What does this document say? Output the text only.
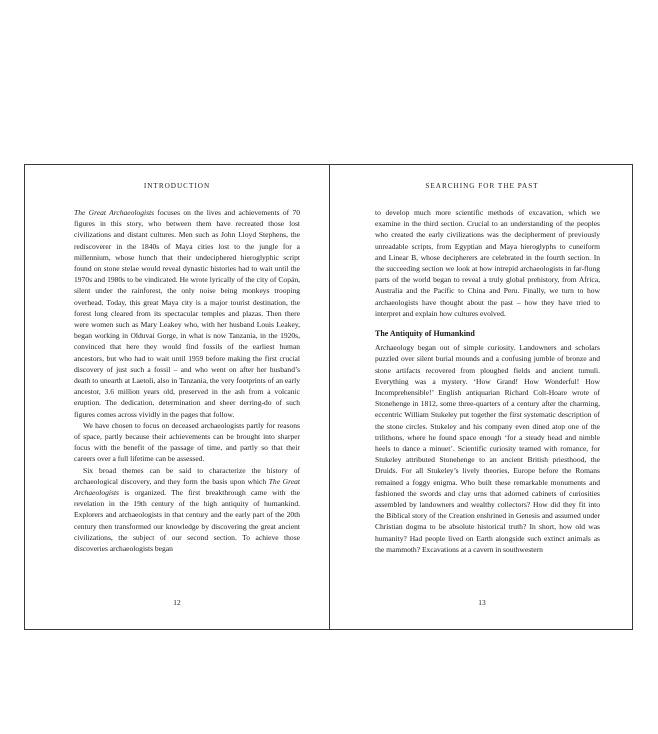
INTRODUCTION

The Great Archaeologists focuses on the lives and achievements of 70 figures in this story, who between them have recreated those lost civilizations and distant cultures. Men such as John Lloyd Stephens, the rediscoverer in the 1840s of Maya cities lost to the jungle for a millennium, whose hunch that their undeciphered hieroglyphic script found on stone stelae would reveal dynastic histories had to wait until the 1970s and 1980s to be vindicated. He wrote lyrically of the city of Copán, silent under the rainforest, the only noise being monkeys trooping overhead. Today, this great Maya city is a major tourist destination, the forest long cleared from its spectacular temples and plazas. Then there were women such as Mary Leakey who, with her husband Louis Leakey, began working in Olduvai Gorge, in what is now Tanzania, in the 1920s, convinced that here they would find fossils of the earliest human ancestors, but who had to wait until 1959 before making the first crucial discovery of just such a fossil – and who went on after her husband’s death to unearth at Laetoli, also in Tanzania, the very footprints of an early ancestor, 3.6 million years old, preserved in the ash from a volcanic eruption. The dedication, determination and sheer derring-do of such figures comes across vividly in the pages that follow.

We have chosen to focus on deceased archaeologists partly for reasons of space, partly because their achievements can be brought into sharper focus with the benefit of the passage of time, and partly so that their careers over a full lifetime can be assessed.

Six broad themes can be said to characterize the history of archaeological discovery, and they form the basis upon which The Great Archaeologists is organized. The first breakthrough came with the revelation in the 19th century of the high antiquity of humankind. Explorers and archaeologists in that century and the early part of the 20th century then transformed our knowledge by discovering the great ancient civilizations, the subject of our second section. To achieve those discoveries archaeologists began

12
SEARCHING FOR THE PAST

to develop much more scientific methods of excavation, which we examine in the third section. Crucial to an understanding of the peoples who created the early civilizations was the decipherment of previously unreadable scripts, from Egyptian and Maya hieroglyphs to cuneiform and Linear B, whose decipherers are celebrated in the fourth section. In the succeeding section we look at how intrepid archaeologists in far-flung parts of the world began to reveal a truly global prehistory, from Africa, Australia and the Pacific to China and Peru. Finally, we turn to how archaeologists have thought about the past – how they have tried to interpret and explain how cultures evolved.

The Antiquity of Humankind

Archaeology began out of simple curiosity. Landowners and scholars puzzled over silent burial mounds and a confusing jumble of bronze and stone artifacts recovered from ploughed fields and ancient tumuli. Everything was a mystery. ‘How Grand! How Wonderful! How Incomprehensible!’ English antiquarian Richard Colt-Hoare wrote of Stonehenge in 1812, some three-quarters of a century after the charming, eccentric William Stukeley put together the first systematic description of the stone circles. Stukeley and his company even dined atop one of the trilithons, where he found space enough ‘for a steady head and nimble heels to dance a minuet’. Scientific curiosity teamed with romance, for Stukeley attributed Stonehenge to an ancient British priesthood, the Druids. For all Stukeley’s lively theories, Europe before the Romans remained a foggy enigma. Who built these remarkable monuments and fashioned the swords and clay urns that adorned cabinets of curiosities assembled by landowners and wealthy collectors? How did they fit into the Biblical story of the Creation enshrined in Genesis and assumed under Christian dogma to be absolute historical truth? In short, how old was humanity? Had people lived on Earth alongside such extinct animals as the mammoth? Excavations at a cavern in southwestern

13
